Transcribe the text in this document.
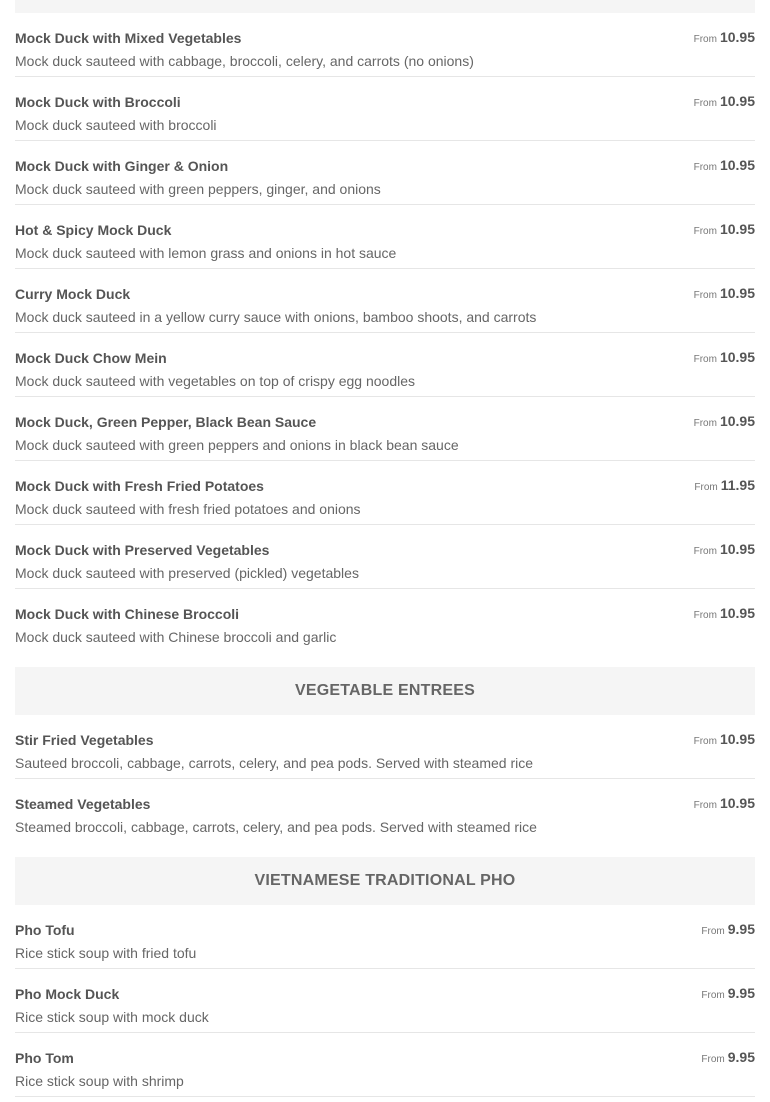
Mock Duck with Mixed Vegetables
Mock duck sauteed with cabbage, broccoli, celery, and carrots (no onions)
From 10.95
Mock Duck with Broccoli
Mock duck sauteed with broccoli
From 10.95
Mock Duck with Ginger & Onion
Mock duck sauteed with green peppers, ginger, and onions
From 10.95
Hot & Spicy Mock Duck
Mock duck sauteed with lemon grass and onions in hot sauce
From 10.95
Curry Mock Duck
Mock duck sauteed in a yellow curry sauce with onions, bamboo shoots, and carrots
From 10.95
Mock Duck Chow Mein
Mock duck sauteed with vegetables on top of crispy egg noodles
From 10.95
Mock Duck, Green Pepper, Black Bean Sauce
Mock duck sauteed with green peppers and onions in black bean sauce
From 10.95
Mock Duck with Fresh Fried Potatoes
Mock duck sauteed with fresh fried potatoes and onions
From 11.95
Mock Duck with Preserved Vegetables
Mock duck sauteed with preserved (pickled) vegetables
From 10.95
Mock Duck with Chinese Broccoli
Mock duck sauteed with Chinese broccoli and garlic
From 10.95
VEGETABLE ENTREES
Stir Fried Vegetables
Sauteed broccoli, cabbage, carrots, celery, and pea pods. Served with steamed rice
From 10.95
Steamed Vegetables
Steamed broccoli, cabbage, carrots, celery, and pea pods. Served with steamed rice
From 10.95
VIETNAMESE TRADITIONAL PHO
Pho Tofu
Rice stick soup with fried tofu
From 9.95
Pho Mock Duck
Rice stick soup with mock duck
From 9.95
Pho Tom
Rice stick soup with shrimp
From 9.95
